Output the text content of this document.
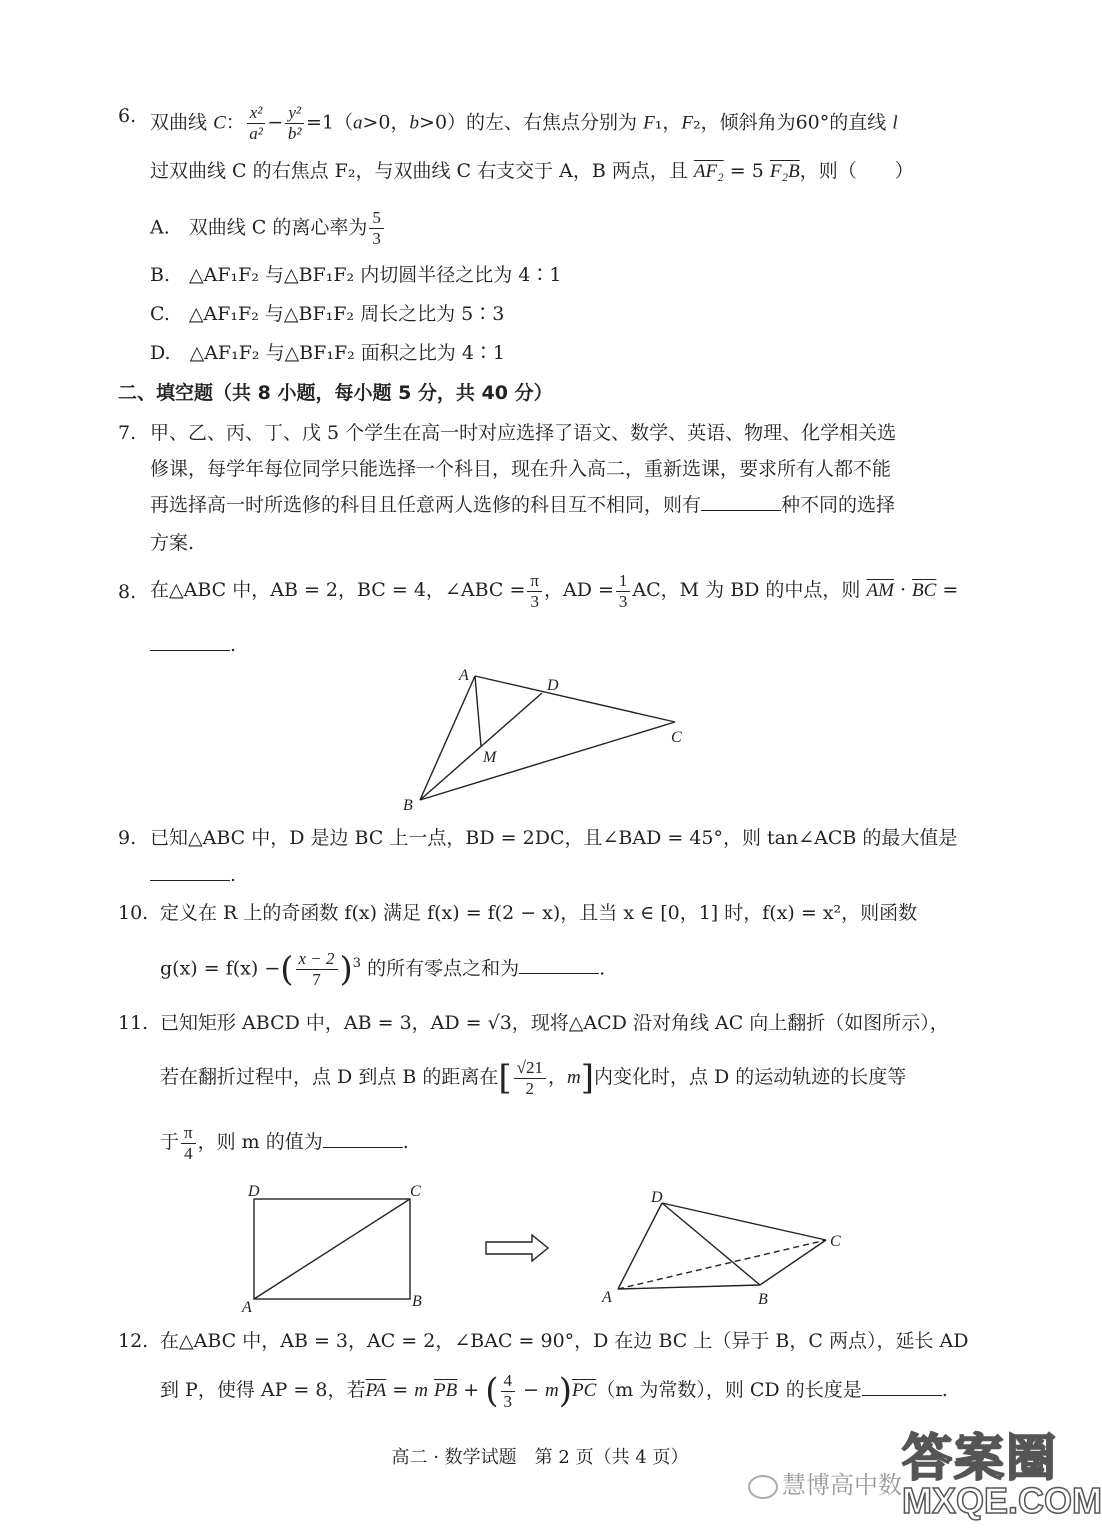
6. 双曲线 C： $\frac{\text{x²}}{\text{a²}} - \frac{\text{y²}}{\text{b²}} =1(a>0$，b>0）的左、右焦点分别为 F₁，F₂，倾斜角为60°的直线 l
过双曲线 C 的右焦点 F₂，与双曲线 C 右支交于 A，B 两点，且 AF₂ = 5 F₂B，则（　　）
A.　双曲线 C 的离心率为 $\frac{5}{3}$
B.　△AF₁F₂ 与△BF₁F₂ 内切圆半径之比为 4∶1
C.　△AF₁F₂ 与△BF₁F₂ 周长之比为 5∶3
D.　△AF₁F₂ 与△BF₁F₂ 面积之比为 4∶1
二、填空题（共 8 小题，每小题 5 分，共 40 分）
7. 甲、乙、丙、丁、戊 5 个学生在高一时对应选择了语文、数学、英语、物理、化学相关选
修课，每学年每位同学只能选择一个科目，现在升入高二，重新选课，要求所有人都不能
再选择高一时所选修的科目且任意两人选修的科目互不相同，则有	种不同的选择
方案.
8. 在△ABC 中，AB = 2，BC = 4，∠ABC = $\frac{\pi}{3}$ ，AD = $\frac{1}{3}$ AC，M 为 BD 的中点，则 $\overline{AM} \cdot \overline{BC}$ =
.
A
D
C
M
B
9. 已知△ABC 中，D 是边 BC 上一点，BD = 2DC，且∠BAD = 45°，则 tan∠ACB 的最大值是
.
10. 定义在 R 上的奇函数 f(x) 满足 f(x) = f(2 − x)，且当 x ∈ [0，1] 时，f(x) = x²，则函数
g(x) = f(x) −( $\frac{x - 2}{7} )^3$ 的所有零点之和为	.
11. 已知矩形 ABCD 中，AB = 3，AD = √3，现将△ACD 沿对角线 AC 向上翻折（如图所示），
若在翻折过程中，点 D 到点 B 的距离在[ $\frac{√21}{2}$ ，m]内变化时，点 D 的运动轨迹的长度等
于 $\frac{\pi}{4}$ ，则 m 的值为	.
D	C
A	B
D
C
A	B
12. 在△ABC 中，AB = 3，AC = 2，∠BAC = 90°，D 在边 BC 上（异于 B，C 两点），延长 AD
到 P，使得 AP = 8，若$\overline{PA} = m$ $\overline{PB}$ + ( $\frac{4}{3} - m)\overline{PC}(m$ 为常数），则 CD 的长度是	.
高二 · 数学试题　第 2 页（共 4 页）
慧博高中数 答案圈
MXQE.COM
